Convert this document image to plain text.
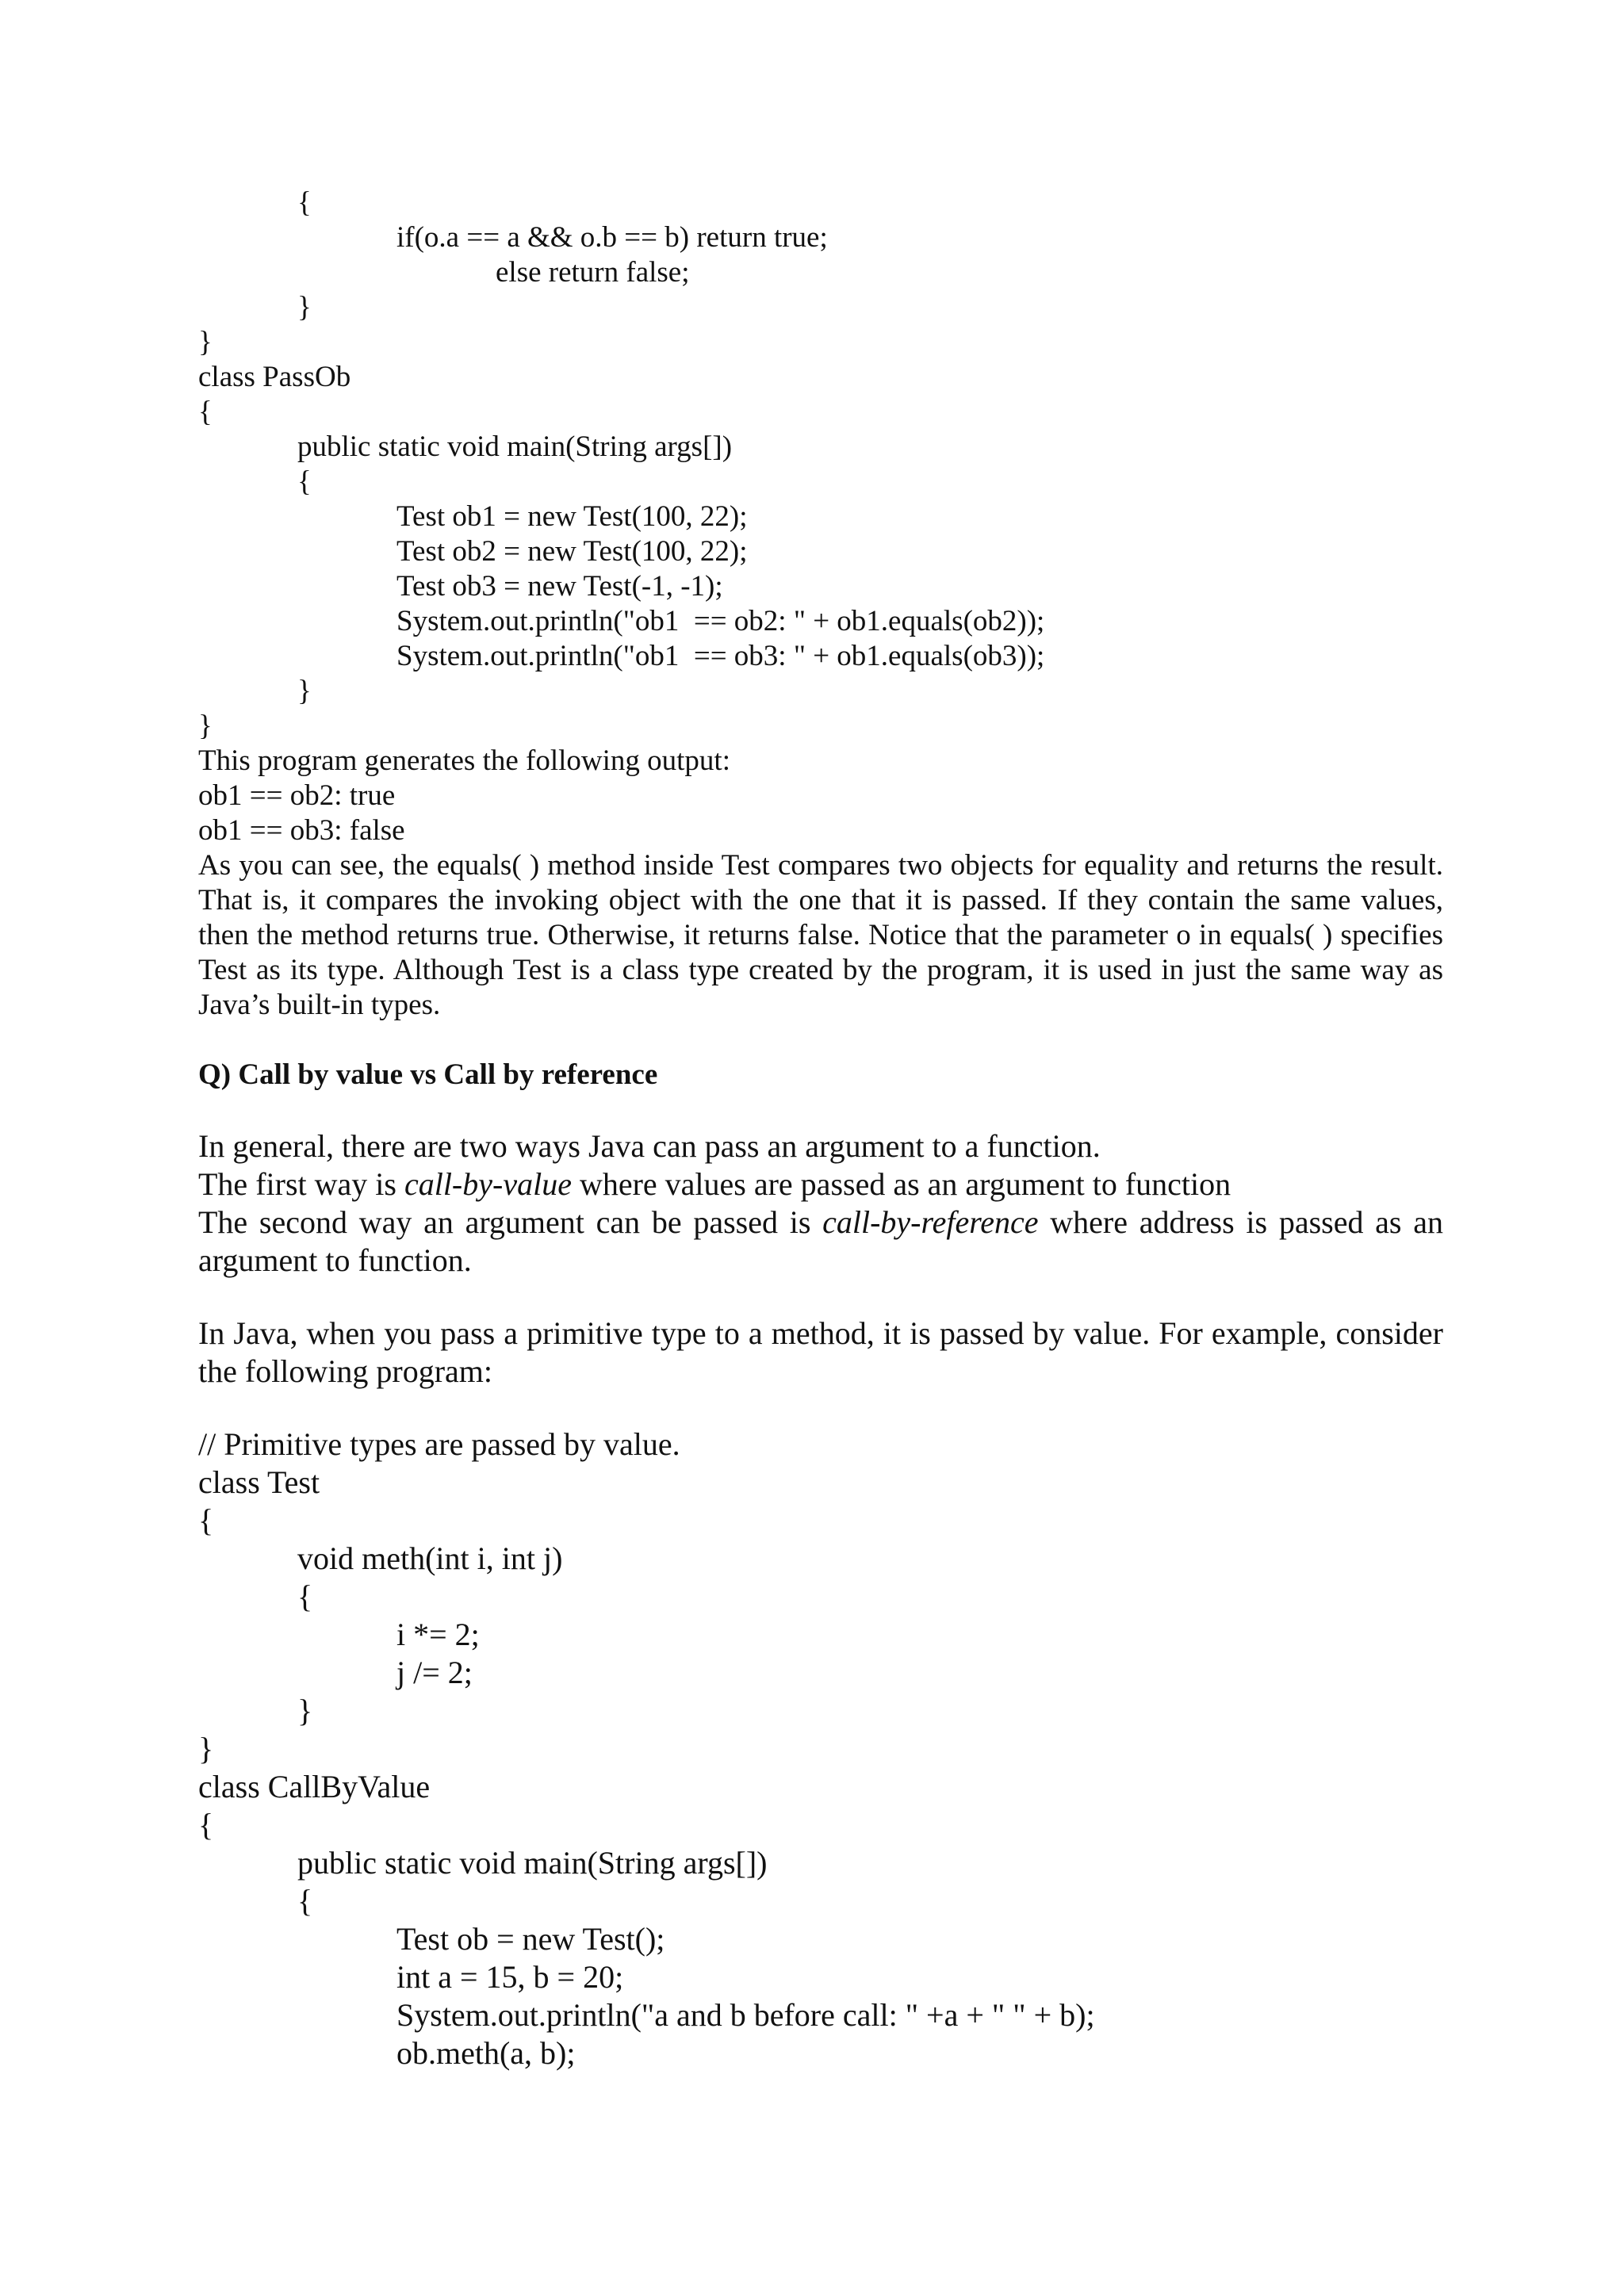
{
if(o.a == a && o.b == b) return true;
else return false;
}
}
class PassOb
{
public static void main(String args[])
{
Test ob1 = new Test(100, 22);
Test ob2 = new Test(100, 22);
Test ob3 = new Test(-1, -1);
System.out.println("ob1  == ob2: " + ob1.equals(ob2));
System.out.println("ob1  == ob3: " + ob1.equals(ob3));
}
}
This program generates the following output:
ob1 == ob2: true
ob1 == ob3: false

As you can see, the equals( ) method inside Test compares two objects for equality and returns the result. That is, it compares the invoking object with the one that it is passed. If they contain the same values, then the method returns true. Otherwise, it returns false. Notice that the parameter o in equals( ) specifies Test as its type. Although Test is a class type created by the program, it is used in just the same way as Java’s built-in types.

Q) Call by value vs Call by reference

In general, there are two ways Java can pass an argument to a function.
The first way is call-by-value where values are passed as an argument to function

The second way an argument can be passed is call-by-reference where address is passed as an argument to function.

In Java, when you pass a primitive type to a method, it is passed by value. For example, consider the following program:

// Primitive types are passed by value.
class Test
{
void meth(int i, int j)
{
i *= 2;
j /= 2;
}
}
class CallByValue
{
public static void main(String args[])
{
Test ob = new Test();
int a = 15, b = 20;
System.out.println("a and b before call: " +a + " " + b);
ob.meth(a, b);
